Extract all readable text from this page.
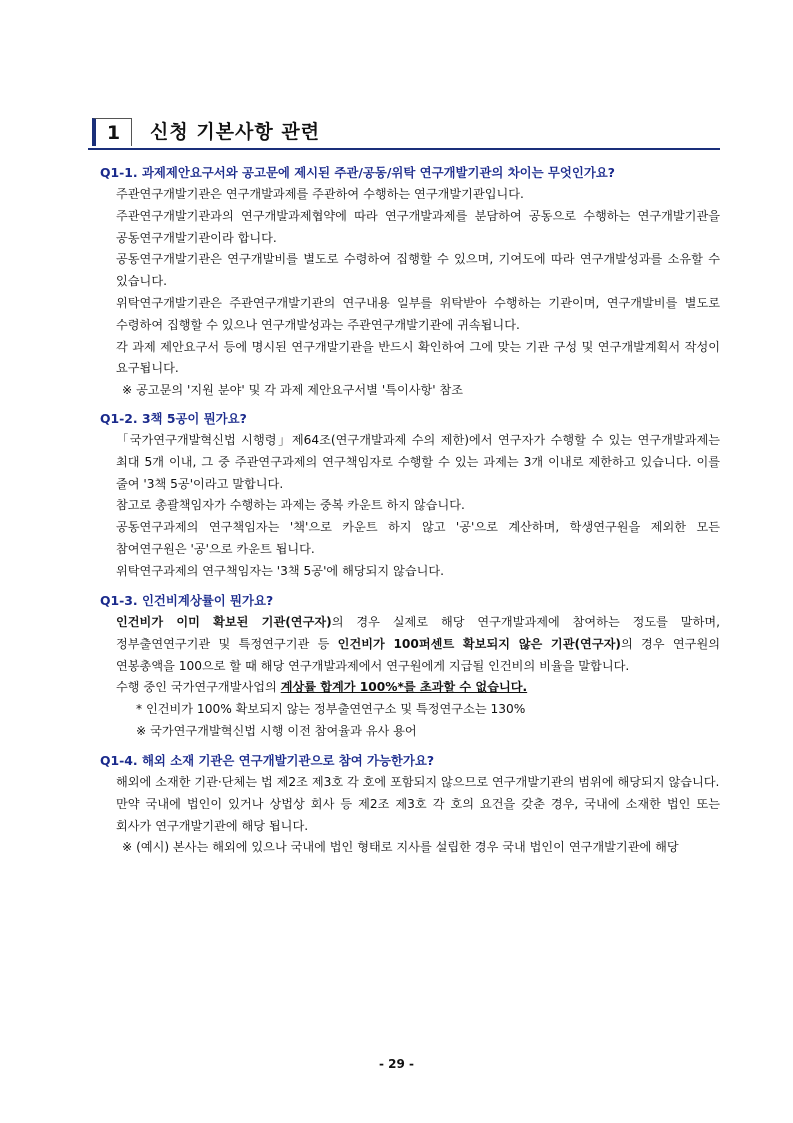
1	신청 기본사항 관련
Q1-1. 과제제안요구서와 공고문에 제시된 주관/공동/위탁 연구개발기관의 차이는 무엇인가요?
주관연구개발기관은 연구개발과제를 주관하여 수행하는 연구개발기관입니다.
주관연구개발기관과의 연구개발과제협약에 따라 연구개발과제를 분담하여 공동으로 수행하는 연구개발기관을 공동연구개발기관이라 합니다.
공동연구개발기관은 연구개발비를 별도로 수령하여 집행할 수 있으며, 기여도에 따라 연구개발성과를 소유할 수 있습니다.
위탁연구개발기관은 주관연구개발기관의 연구내용 일부를 위탁받아 수행하는 기관이며, 연구개발비를 별도로 수령하여 집행할 수 있으나 연구개발성과는 주관연구개발기관에 귀속됩니다.
각 과제 제안요구서 등에 명시된 연구개발기관을 반드시 확인하여 그에 맞는 기관 구성 및 연구개발계획서 작성이 요구됩니다.
※ 공고문의 '지원 분야' 및 각 과제 제안요구서별 '특이사항' 참조
Q1-2. 3책 5공이 뭔가요?
「국가연구개발혁신법 시행령」제64조(연구개발과제 수의 제한)에서 연구자가 수행할 수 있는 연구개발과제는 최대 5개 이내, 그 중 주관연구과제의 연구책임자로 수행할 수 있는 과제는 3개 이내로 제한하고 있습니다. 이를 줄여 '3책 5공'이라고 말합니다.
참고로 총괄책임자가 수행하는 과제는 중복 카운트 하지 않습니다.
공동연구과제의 연구책임자는 '책'으로 카운트 하지 않고 '공'으로 계산하며, 학생연구원을 제외한 모든 참여연구원은 '공'으로 카운트 됩니다.
위탁연구과제의 연구책임자는 '3책 5공'에 해당되지 않습니다.
Q1-3. 인건비계상률이 뭔가요?
인건비가 이미 확보된 기관(연구자)의 경우 실제로 해당 연구개발과제에 참여하는 정도를 말하며, 정부출연연구기관 및 특정연구기관 등 인건비가 100퍼센트 확보되지 않은 기관(연구자)의 경우 연구원의 연봉총액을 100으로 할 때 해당 연구개발과제에서 연구원에게 지급될 인건비의 비율을 말합니다.
수행 중인 국가연구개발사업의 계상률 합계가 100%*를 초과할 수 없습니다.
* 인건비가 100% 확보되지 않는 정부출연연구소 및 특정연구소는 130%
※ 국가연구개발혁신법 시행 이전 참여율과 유사 용어
Q1-4. 해외 소재 기관은 연구개발기관으로 참여 가능한가요?
해외에 소재한 기관·단체는 법 제2조 제3호 각 호에 포함되지 않으므로 연구개발기관의 범위에 해당되지 않습니다.
만약 국내에 법인이 있거나 상법상 회사 등 제2조 제3호 각 호의 요건을 갖춘 경우, 국내에 소재한 법인 또는 회사가 연구개발기관에 해당 됩니다.
※ (예시) 본사는 해외에 있으나 국내에 법인 형태로 지사를 설립한 경우 국내 법인이 연구개발기관에 해당
- 29 -
